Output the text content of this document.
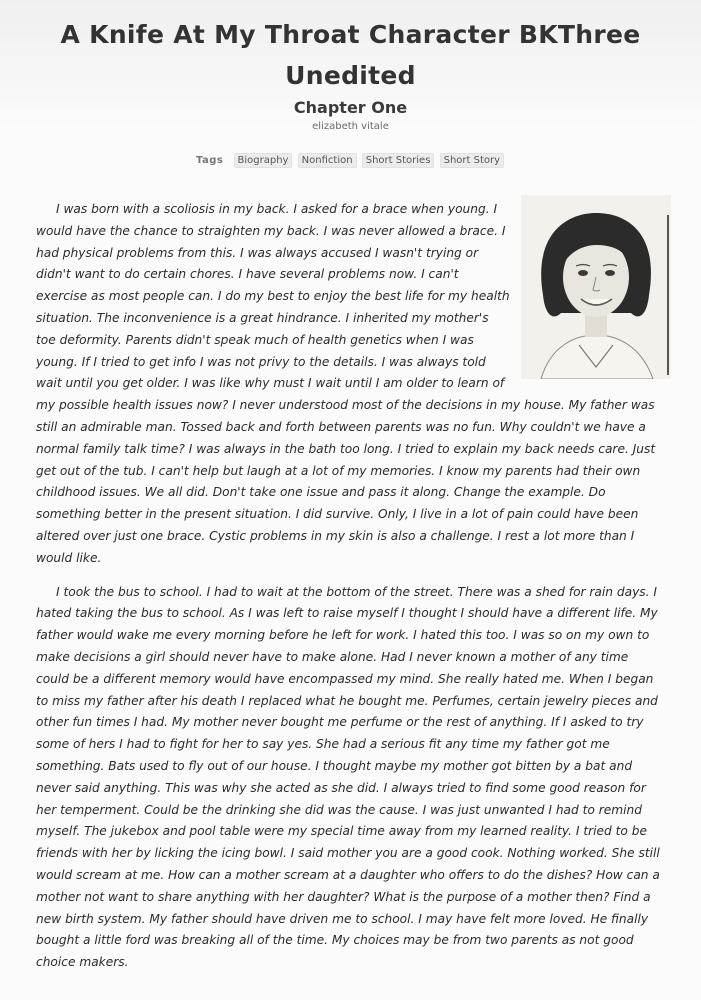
A Knife At My Throat Character BKThree Unedited
Chapter One
elizabeth vitale
Tags Biography Nonfiction Short Stories Short Story

I was born with a scoliosis in my back. I asked for a brace when young. I would have the chance to straighten my back. I was never allowed a brace. I had physical problems from this. I was always accused I wasn't trying or didn't want to do certain chores. I have several problems now. I can't exercise as most people can. I do my best to enjoy the best life for my health situation. The inconvenience is a great hindrance. I inherited my mother's toe deformity. Parents didn't speak much of health genetics when I was young. If I tried to get info I was not privy to the details. I was always told wait until you get older. I was like why must I wait until I am older to learn of my possible health issues now? I never understood most of the decisions in my house. My father was still an admirable man. Tossed back and forth between parents was no fun. Why couldn't we have a normal family talk time? I was always in the bath too long. I tried to explain my back needs care. Just get out of the tub. I can't help but laugh at a lot of my memories. I know my parents had their own childhood issues. We all did. Don't take one issue and pass it along. Change the example. Do something better in the present situation. I did survive. Only, I live in a lot of pain could have been altered over just one brace. Cystic problems in my skin is also a challenge. I rest a lot more than I would like.

I took the bus to school. I had to wait at the bottom of the street. There was a shed for rain days. I hated taking the bus to school. As I was left to raise myself I thought I should have a different life. My father would wake me every morning before he left for work. I hated this too. I was so on my own to make decisions a girl should never have to make alone. Had I never known a mother of any time could be a different memory would have encompassed my mind. She really hated me. When I began to miss my father after his death I replaced what he bought me. Perfumes, certain jewelry pieces and other fun times I had. My mother never bought me perfume or the rest of anything. If I asked to try some of hers I had to fight for her to say yes. She had a serious fit any time my father got me something. Bats used to fly out of our house. I thought maybe my mother got bitten by a bat and never said anything. This was why she acted as she did. I always tried to find some good reason for her temperment. Could be the drinking she did was the cause. I was just unwanted I had to remind myself. The jukebox and pool table were my special time away from my learned reality. I tried to be friends with her by licking the icing bowl. I said mother you are a good cook. Nothing worked. She still would scream at me. How can a mother scream at a daughter who offers to do the dishes? How can a mother not want to share anything with her daughter? What is the purpose of a mother then? Find a new birth system. My father should have driven me to school. I may have felt more loved. He finally bought a little ford was breaking all of the time. My choices may be from two parents as not good choice makers.
